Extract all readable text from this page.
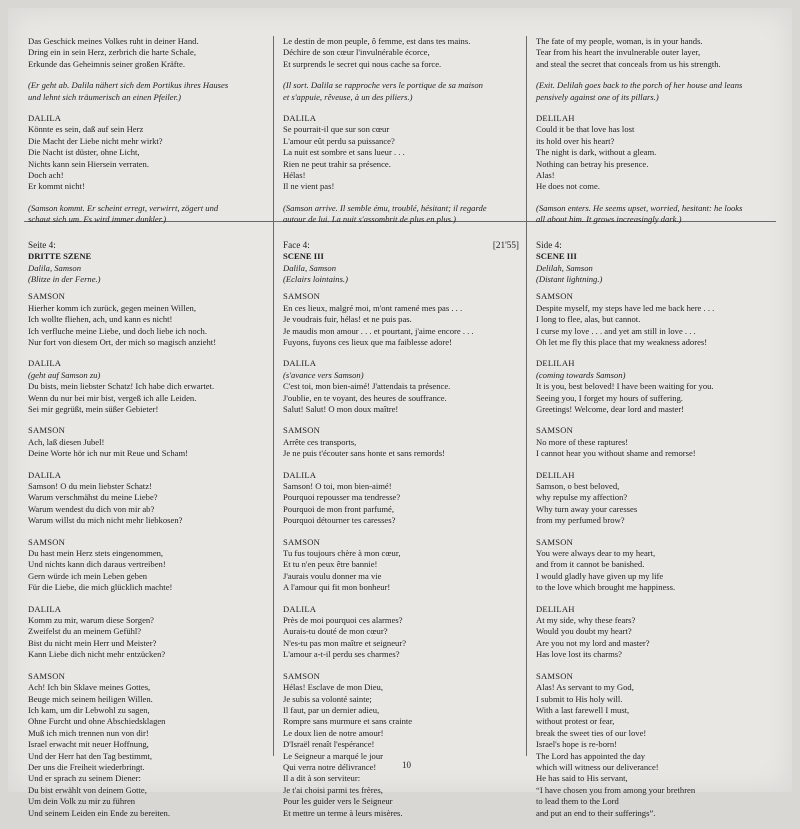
Das Geschick meines Volkes ruht in deiner Hand.
Dring ein in sein Herz, zerbrich die harte Schale,
Erkunde das Geheimnis seiner großen Kräfte.
(Er geht ab. Dalila nähert sich dem Portikus ihres Hauses
und lehnt sich träumerisch an einen Pfeiler.)
DALILA
Könnte es sein, daß auf sein Herz
Die Macht der Liebe nicht mehr wirkt?
Die Nacht ist düster, ohne Licht,
Nichts kann sein Hiersein verraten.
Doch ach!
Er kommt nicht!
(Samson kommt. Er scheint erregt, verwirrt, zögert und
schaut sich um. Es wird immer dunkler.)
Seite 4:
DRITTE SZENE
Dalila, Samson
(Blitze in der Ferne.)
SAMSON
Hierher komm ich zurück, gegen meinen Willen,
Ich wollte fliehen, ach, und kann es nicht!
Ich verfluche meine Liebe, und doch liebe ich noch.
Nur fort von diesem Ort, der mich so magisch anzieht!
DALILA
(geht auf Samson zu)
Du bists, mein liebster Schatz! Ich habe dich erwartet.
Wenn du nur bei mir bist, vergeß ich alle Leiden.
Sei mir gegrüßt, mein süßer Gebieter!
SAMSON
Ach, laß diesen Jubel!
Deine Worte hör ich nur mit Reue und Scham!
DALILA
Samson! O du mein liebster Schatz!
Warum verschmähst du meine Liebe?
Warum wendest du dich von mir ab?
Warum willst du mich nicht mehr liebkosen?
SAMSON
Du hast mein Herz stets eingenommen,
Und nichts kann dich daraus vertreiben!
Gern würde ich mein Leben geben
Für die Liebe, die mich glücklich machte!
DALILA
Komm zu mir, warum diese Sorgen?
Zweifelst du an meinem Gefühl?
Bist du nicht mein Herr und Meister?
Kann Liebe dich nicht mehr entzücken?
SAMSON
Ach! Ich bin Sklave meines Gottes,
Beuge mich seinem heiligen Willen.
Ich kam, um dir Lebwohl zu sagen,
Ohne Furcht und ohne Abschiedsklagen
Muß ich mich trennen nun von dir!
Israel erwacht mit neuer Hoffnung,
Und der Herr hat den Tag bestimmt,
Der uns die Freiheit wiederbringt.
Und er sprach zu seinem Diener:
Du bist erwählt von deinem Gotte,
Um dein Volk zu mir zu führen
Und seinem Leiden ein Ende zu bereiten.
Le destin de mon peuple, ô femme, est dans tes mains.
Déchire de son cœur l'invulnérable écorce,
Et surprends le secret qui nous cache sa force.
(Il sort. Dalila se rapproche vers le portique de sa maison
et s'appuie, rêveuse, à un des piliers.)
DALILA
Se pourrait-il que sur son cœur
L'amour eût perdu sa puissance?
La nuit est sombre et sans lueur . . .
Rien ne peut trahir sa présence.
Hélas!
Il ne vient pas!
(Samson arrive. Il semble ému, troublé, hésitant; il regarde
autour de lui. La nuit s'assombrit de plus en plus.)
Face 4:	[21'55]
SCENE III
Dalila, Samson
(Eclairs lointains.)
SAMSON
En ces lieux, malgré moi, m'ont ramené mes pas . . .
Je voudrais fuir, hélas! et ne puis pas.
Je maudis mon amour . . . et pourtant, j'aime encore . . .
Fuyons, fuyons ces lieux que ma faiblesse adore!
DALILA
(s'avance vers Samson)
C'est toi, mon bien-aimé! J'attendais ta présence.
J'oublie, en te voyant, des heures de souffrance.
Salut! Salut! O mon doux maître!
SAMSON
Arrête ces transports,
Je ne puis t'écouter sans honte et sans remords!
DALILA
Samson! O toi, mon bien-aimé!
Pourquoi repousser ma tendresse?
Pourquoi de mon front parfumé,
Pourquoi détourner tes caresses?
SAMSON
Tu fus toujours chère à mon cœur,
Et tu n'en peux être bannie!
J'aurais voulu donner ma vie
A l'amour qui fit mon bonheur!
DALILA
Près de moi pourquoi ces alarmes?
Aurais-tu douté de mon cœur?
N'es-tu pas mon maître et seigneur?
L'amour a-t-il perdu ses charmes?
SAMSON
Hélas! Esclave de mon Dieu,
Je subis sa volonté sainte;
Il faut, par un dernier adieu,
Rompre sans murmure et sans crainte
Le doux lien de notre amour!
D'Israël renaît l'espérance!
Le Seigneur a marqué le jour
Qui verra notre délivrance!
Il a dit à son serviteur:
Je t'ai choisi parmi tes frères,
Pour les guider vers le Seigneur
Et mettre un terme à leurs misères.
The fate of my people, woman, is in your hands.
Tear from his heart the invulnerable outer layer,
and steal the secret that conceals from us his strength.
(Exit. Delilah goes back to the porch of her house and leans
pensively against one of its pillars.)
DELILAH
Could it be that love has lost
its hold over his heart?
The night is dark, without a gleam.
Nothing can betray his presence.
Alas!
He does not come.
(Samson enters. He seems upset, worried, hesitant: he looks
all about him. It grows increasingly dark.)
Side 4:
SCENE III
Delilah, Samson
(Distant lightning.)
SAMSON
Despite myself, my steps have led me back here . . .
I long to flee, alas, but cannot.
I curse my love . . . and yet am still in love . . .
Oh let me fly this place that my weakness adores!
DELILAH
(coming towards Samson)
It is you, best beloved! I have been waiting for you.
Seeing you, I forget my hours of suffering.
Greetings! Welcome, dear lord and master!
SAMSON
No more of these raptures!
I cannot hear you without shame and remorse!
DELILAH
Samson, o best beloved,
why repulse my affection?
Why turn away your caresses
from my perfumed brow?
SAMSON
You were always dear to my heart,
and from it cannot be banished.
I would gladly have given up my life
to the love which brought me happiness.
DELILAH
At my side, why these fears?
Would you doubt my heart?
Are you not my lord and master?
Has love lost its charms?
SAMSON
Alas! As servant to my God,
I submit to His holy will.
With a last farewell I must,
without protest or fear,
break the sweet ties of our love!
Israel's hope is re-born!
The Lord has appointed the day
which will witness our deliverance!
He has said to His servant,
“I have chosen you from among your brethren
to lead them to the Lord
and put an end to their sufferings”.
10
